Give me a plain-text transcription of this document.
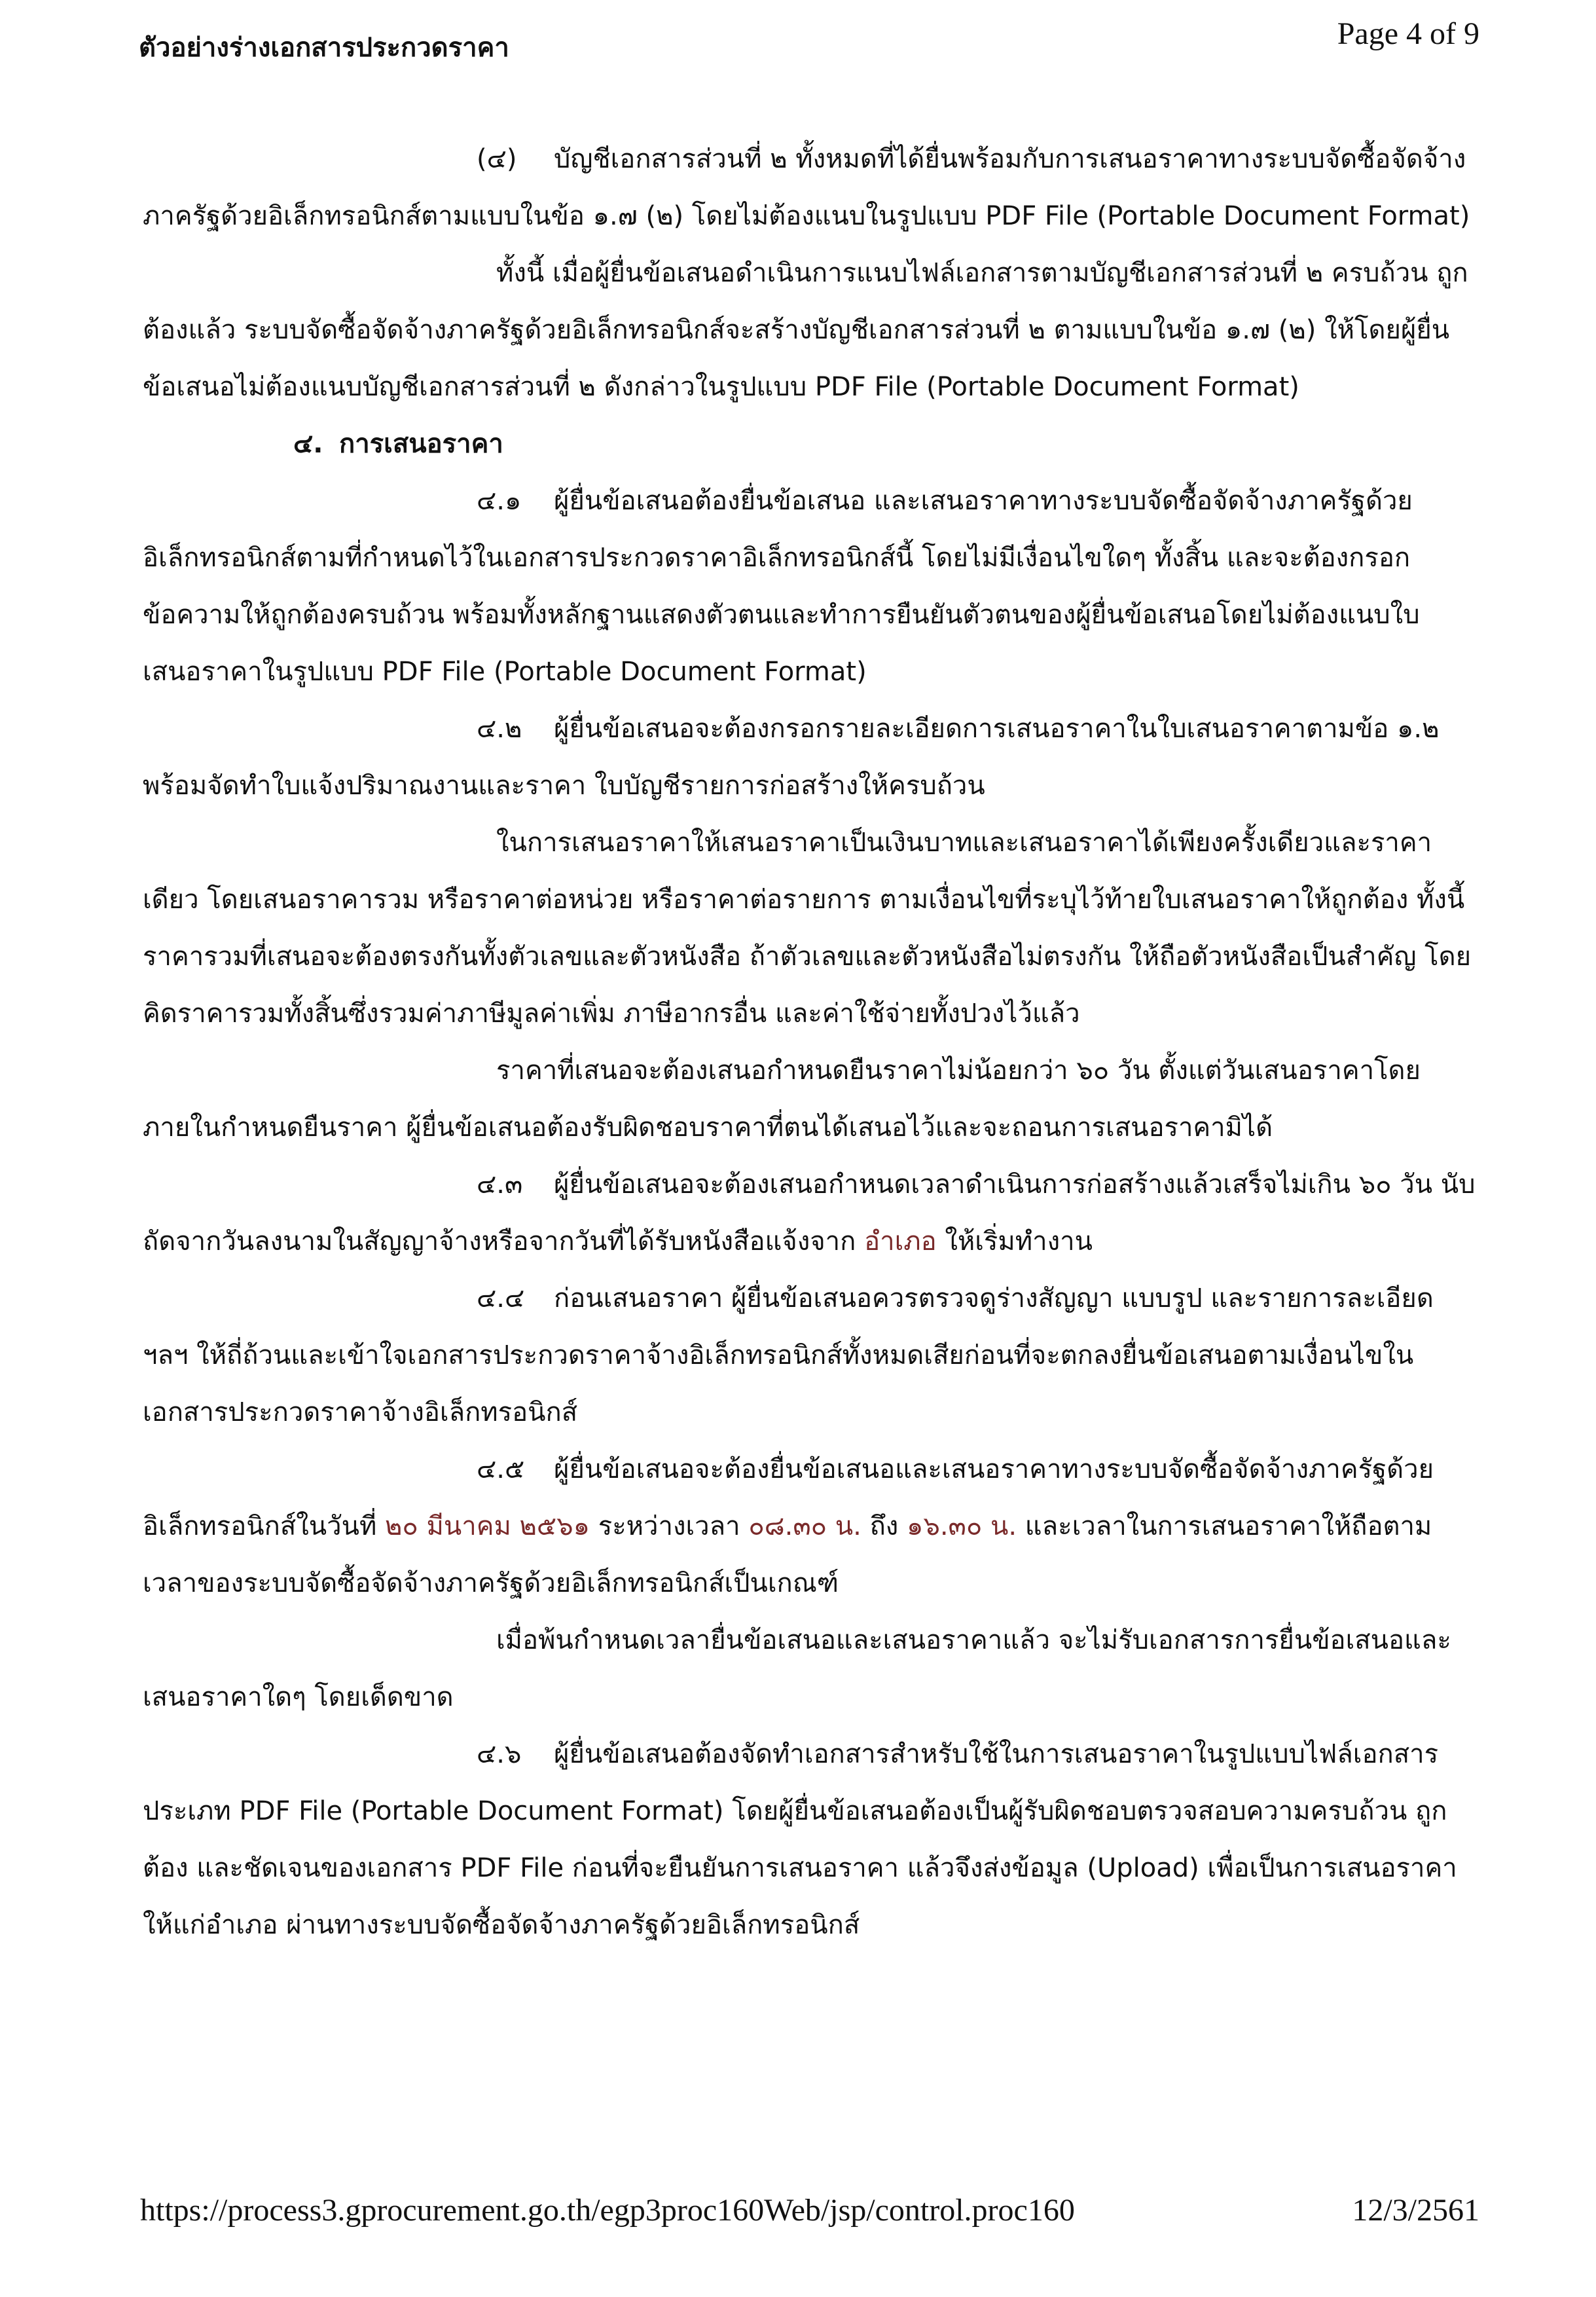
ตัวอย่างร่างเอกสารประกวดราคา	Page 4 of 9

(๔) บัญชีเอกสารส่วนที่ ๒ ทั้งหมดที่ได้ยื่นพร้อมกับการเสนอราคาทางระบบจัดซื้อจัดจ้างภาครัฐด้วยอิเล็กทรอนิกส์ตามแบบในข้อ ๑.๗ (๒) โดยไม่ต้องแนบในรูปแบบ PDF File (Portable Document Format)

ทั้งนี้ เมื่อผู้ยื่นข้อเสนอดำเนินการแนบไฟล์เอกสารตามบัญชีเอกสารส่วนที่ ๒ ครบถ้วน ถูกต้องแล้ว ระบบจัดซื้อจัดจ้างภาครัฐด้วยอิเล็กทรอนิกส์จะสร้างบัญชีเอกสารส่วนที่ ๒ ตามแบบในข้อ ๑.๗ (๒) ให้โดยผู้ยื่นข้อเสนอไม่ต้องแนบบัญชีเอกสารส่วนที่ ๒ ดังกล่าวในรูปแบบ PDF File (Portable Document Format)

๔. การเสนอราคา

๔.๑ ผู้ยื่นข้อเสนอต้องยื่นข้อเสนอ และเสนอราคาทางระบบจัดซื้อจัดจ้างภาครัฐด้วยอิเล็กทรอนิกส์ตามที่กำหนดไว้ในเอกสารประกวดราคาอิเล็กทรอนิกส์นี้ โดยไม่มีเงื่อนไขใดๆ ทั้งสิ้น และจะต้องกรอกข้อความให้ถูกต้องครบถ้วน พร้อมทั้งหลักฐานแสดงตัวตนและทำการยืนยันตัวตนของผู้ยื่นข้อเสนอโดยไม่ต้องแนบใบเสนอราคาในรูปแบบ PDF File (Portable Document Format)

๔.๒ ผู้ยื่นข้อเสนอจะต้องกรอกรายละเอียดการเสนอราคาในใบเสนอราคาตามข้อ ๑.๒ พร้อมจัดทำใบแจ้งปริมาณงานและราคา ใบบัญชีรายการก่อสร้างให้ครบถ้วน

ในการเสนอราคาให้เสนอราคาเป็นเงินบาทและเสนอราคาได้เพียงครั้งเดียวและราคาเดียว โดยเสนอราคารวม หรือราคาต่อหน่วย หรือราคาต่อรายการ ตามเงื่อนไขที่ระบุไว้ท้ายใบเสนอราคาให้ถูกต้อง ทั้งนี้ ราคารวมที่เสนอจะต้องตรงกันทั้งตัวเลขและตัวหนังสือ ถ้าตัวเลขและตัวหนังสือไม่ตรงกัน ให้ถือตัวหนังสือเป็นสำคัญ โดยคิดราคารวมทั้งสิ้นซึ่งรวมค่าภาษีมูลค่าเพิ่ม ภาษีอากรอื่น และค่าใช้จ่ายทั้งปวงไว้แล้ว

ราคาที่เสนอจะต้องเสนอกำหนดยืนราคาไม่น้อยกว่า ๖๐ วัน ตั้งแต่วันเสนอราคาโดยภายในกำหนดยืนราคา ผู้ยื่นข้อเสนอต้องรับผิดชอบราคาที่ตนได้เสนอไว้และจะถอนการเสนอราคามิได้

๔.๓ ผู้ยื่นข้อเสนอจะต้องเสนอกำหนดเวลาดำเนินการก่อสร้างแล้วเสร็จไม่เกิน ๖๐ วัน นับถัดจากวันลงนามในสัญญาจ้างหรือจากวันที่ได้รับหนังสือแจ้งจาก อำเภอ ให้เริ่มทำงาน

๔.๔ ก่อนเสนอราคา ผู้ยื่นข้อเสนอควรตรวจดูร่างสัญญา แบบรูป และรายการละเอียด ฯลฯ ให้ถี่ถ้วนและเข้าใจเอกสารประกวดราคาจ้างอิเล็กทรอนิกส์ทั้งหมดเสียก่อนที่จะตกลงยื่นข้อเสนอตามเงื่อนไขในเอกสารประกวดราคาจ้างอิเล็กทรอนิกส์

๔.๕ ผู้ยื่นข้อเสนอจะต้องยื่นข้อเสนอและเสนอราคาทางระบบจัดซื้อจัดจ้างภาครัฐด้วยอิเล็กทรอนิกส์ในวันที่ ๒๐ มีนาคม ๒๕๖๑ ระหว่างเวลา ๐๘.๓๐ น. ถึง ๑๖.๓๐ น. และเวลาในการเสนอราคาให้ถือตามเวลาของระบบจัดซื้อจัดจ้างภาครัฐด้วยอิเล็กทรอนิกส์เป็นเกณฑ์

เมื่อพ้นกำหนดเวลายื่นข้อเสนอและเสนอราคาแล้ว จะไม่รับเอกสารการยื่นข้อเสนอและเสนอราคาใดๆ โดยเด็ดขาด

๔.๖ ผู้ยื่นข้อเสนอต้องจัดทำเอกสารสำหรับใช้ในการเสนอราคาในรูปแบบไฟล์เอกสารประเภท PDF File (Portable Document Format) โดยผู้ยื่นข้อเสนอต้องเป็นผู้รับผิดชอบตรวจสอบความครบถ้วน ถูกต้อง และชัดเจนของเอกสาร PDF File ก่อนที่จะยืนยันการเสนอราคา แล้วจึงส่งข้อมูล (Upload) เพื่อเป็นการเสนอราคาให้แก่อำเภอ ผ่านทางระบบจัดซื้อจัดจ้างภาครัฐด้วยอิเล็กทรอนิกส์

https://process3.gprocurement.go.th/egp3proc160Web/jsp/control.proc160	12/3/2561
